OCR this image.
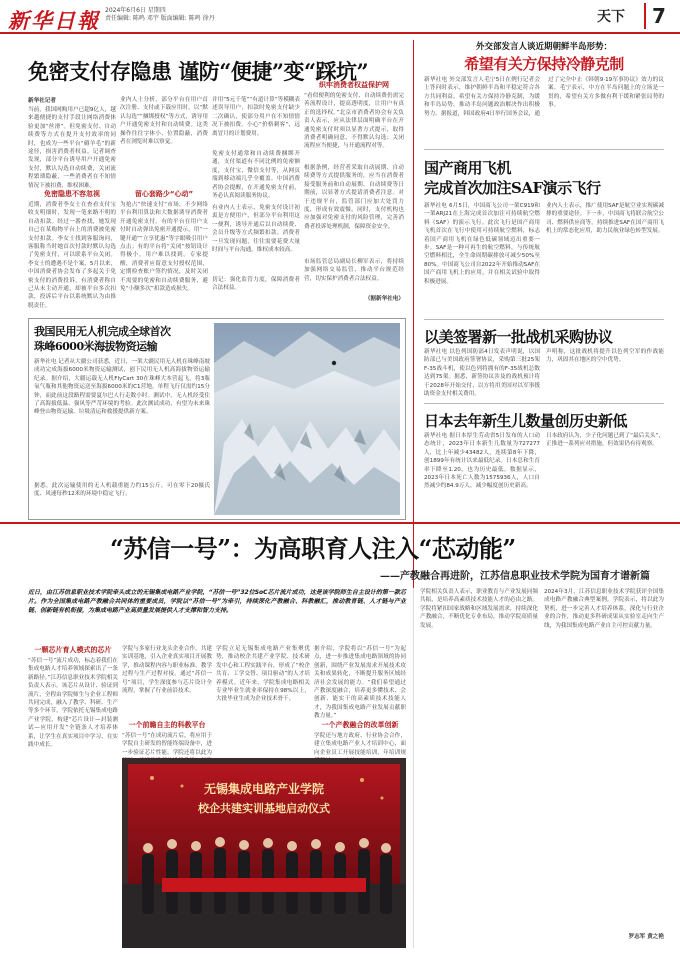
新华日報 2024年6月6日 星期四
责任编辑: 陈鸣 邓宇 版面编辑: 陈鸣 徐丹	天下	7
免密支付存隐患 谨防“便捷”变“踩坑”
新华社记者
当前，我国网购用户已超9亿人，越来越便捷的支付手段让网络消费体验更加“丝滑”。但免密支付、自动续费等方式在提升支付效率的同时，也成为一些平台“薅羊毛”的新途径，损害消费者权益。记者调查发现，部分平台诱导用户开通免密支付，默认勾选自动续费，关闭流程繁琐隐蔽，一些消费者在不知情情况下被扣费，维权困难。
免密隐患不容忽视
近期，消费者李女士在查看支付宝收支明细时，发现一笔来路不明的自动扣款。经过一番查找，她发现自己在某购物平台上的消费被免密支付扣款。李女士找到客服询问，客服称当时她首次付款时默认勾选了免密支付，可以联系平台关闭。李女士的遭遇不是个案，5月以来，中国消费者协会发布了多起关于免密支付的消费投诉，有消费者称自己从未主动开通，却被平台多次扣款，投诉后平台以系统默认为由推脱责任。
业内人士分析，部分平台在用户首次注册、支付或下载应用时，以“默认勾选”“捆绑授权”等方式，诱导用户开通免密支付和自动续费。这类操作往往字体小、位置隐蔽，消费者在浏览时难以察觉。
留心套路少“心动”
为抢占“快速支付”市场，不少网络平台利用算法和大数据诱导消费者开通免密支付。有的平台在用户支付时自动弹出免密开通提示，用“一键开通”“立享优惠”等字眼吸引用户点击；有的平台将“关闭”按钮设计得极小，用户难以找到。专家提醒，消费者应留意支付授权范围，定期检查账户签约情况，及时关闭不需要的免密和自动续费服务，避免“小额多次”扣款造成损失。
并用“5元千笔”“有道计算”等模糊表述误导用户，扣款时免密支付缺少二次确认，使部分用户在不知情情况下被扣费。小心“价格刺客”，远离冒月的计划费用。
免密支付通常和自动续费捆绑开通，支付渠道有不同比例的免密额度，支付宝、微信支付等，从网页端到移动端几乎全覆盖。中国消费者协会提醒，在开通免密支付前，务必认真阅读服务协议。
有业内人士表示，免密支付设计初衷是方便用户，但部分平台利用这一便利，诱导开通后以自动续费、会员升级等方式频繁扣款。消费者一旦发现问题，往往需要花费大量时间与平台沟通，维权成本较高。
切记：强化监管力度，保障消费者合法权益。
织牢消费者权益保护网
“看似便利的免密支付、自动续费仍需完善流程设计，提高透明度，让用户有真正的选择权。”北京市消费者协会有关负责人表示，应从法律层面明确平台在开通免密支付时须以显著方式提示，取得消费者明确同意，不得默认勾选；关闭流程应当便捷，与开通流程对等。
根据条例，经营者采取自动展期、自动续费等方式提供服务的，应当在消费者接受服务前和自动展期、自动续费等日期前，以显著方式提请消费者注意。对于违规平台，监管部门应加大处罚力度，形成有效震慑。同时，支付机构也应加强对免密支付的风险管理，完善消费者投诉处理机制，保障资金安全。
市场监管总局副局长柳军表示，将持续加强网络交易监管，推动平台规范经营，切实保护消费者合法权益。
（据新华社电）
外交部发言人谈近期朝鲜半岛形势：
希望有关方保持冷静克制
新华社电 外交部发言人毛宁5日在例行记者会上答问时表示，维护朝鲜半岛和平稳定符合各方共同利益。希望有关方保持冷静克制，为缓和半岛局势、推动半岛问题政治解决作出积极努力。据报道，韩国政府4日举行国务会议，通过了完全中止《韩朝9·19军事协议》效力的议案。毛宁表示，中方在半岛问题上的立场是一贯的，希望有关方多做有利于缓和紧张局势的事。
国产商用飞机
完成首次加注SAF演示飞行
新华社电 6月5日，中国商飞公司一架C919和一架ARJ21在上海完成首次加注可持续航空燃料（SAF）的演示飞行。此次飞行是国产商用飞机首次在飞行中使用可持续航空燃料，标志着国产商用飞机在绿色低碳领域迈出重要一步。SAF是一种可再生的航空燃料，与传统航空燃料相比，全生命周期碳排放可减少50%至80%。中国商飞公司自2022年开始推动SAF在国产商用飞机上的应用，并在相关试验中取得积极进展。
业内人士表示，推广使用SAF是航空业实现碳减排的重要途径。下一步，中国商飞将联合航空公司、燃料供应商等，持续推进SAF在国产商用飞机上的常态化应用，助力民航业绿色转型发展。
以美签署新一批战机采购协议
新华社电 以色列国防部4日发表声明说，以国防部已与美国政府签署协议，采购第三批25架F-35战斗机，使以色列将拥有的F-35战机总数达到75架。据悉，新签协议涉及的战机预计将于2028年开始交付，以方将用美国对以军事援助资金支付相关费用。
声明称，这批战机将提升以色列空军的作战能力，巩固其在地区的空中优势。
日本去年新生儿数量创历史新低
新华社电 据日本厚生劳动省5日发布的人口动态统计，2023年日本新生儿数量为727277人，比上年减少43482人，连续第8年下降，创1899年有统计以来最低纪录。日本总和生育率下降至1.20，也为历史最低。数据显示，2023年日本死亡人数为1575936人，人口自然减少约84.9万人，减少幅度创历史新高。
日本政府认为，少子化问题已到了“最后关头”，正推进一系列应对措施，但效果仍有待观察。
我国民用无人机完成全球首次
珠峰6000米海拔物资运输
新华社电 记者从大疆公司获悉，近日，一架大疆民用无人机在珠峰南坡成功完成海拔6000米物资运输测试，创下民用无人机高海拔物资运输纪录。据介绍，大疆运载无人机FlyCart 30在珠峰大本营起飞，将3瓶氧气瓶和其他物资运送至海拔6000米的C1营地，单程飞行仅需约15分钟，而此前这段路程需要夏尔巴人行走数小时。测试中，无人机经受住了高海拔低温、强风等严苛环境的考验。此次测试成功，有望为未来珠峰登山物资运输、垃圾清运和救援提供新方案。
据悉，此次运输使用的无人机载重能力约15公斤，可在零下20摄氏度、风速每秒12米的环境中稳定飞行。
“苏信一号”：为高职育人注入“芯动能”
——产教融合再进阶，江苏信息职业技术学院为国育才谱新篇
近日，由江苏信息职业技术学院牵头成立的无锡集成电路产业学院，“苏信一号”32位SoC芯片流片成功，这是该学院师生自主设计的第一款芯片。作为全国集成电路产教融合共同体的重要成员，学院以“苏信一号”为牵引，持续深化产教融合、科教融汇，推动教育链、人才链与产业链、创新链有机衔接，为集成电路产业高质量发展提供人才支撑和智力支持。
一颗芯片育人模式的芯片
“苏信一号”流片成功，标志着我们在集成电路人才培养领域探索出了一条新路径。”江苏信息职业技术学院相关负责人表示。该芯片从设计、验证到流片，全程由学院师生与企业工程师共同完成，融入了教学、科研、生产等多个环节。学院依托无锡集成电路产业学院，构建“芯片设计—封装测试—应用开发”全链条人才培养体系，让学生在真实项目中学习、在实践中成长。
学院与多家行业龙头企业合作，共建实训基地，引入企业真实项目开展教学，推动课程内容与职业标准、教学过程与生产过程对接。通过“苏信一号”项目，学生深度参与芯片设计全流程，掌握了行业前沿技术。
一个前瞻自主的科教平台
“苏信一号”在成功流片后，将应用于学院自主研发的智能终端设备中，进一步验证芯片性能。学院还将以此为
学院立足无锡集成电路产业集聚优势，推动校企共建产业学院、技术研发中心和工程实践平台，形成了“校企共育、工学交替、项目驱动”的人才培养模式。近年来，学院集成电路相关专业毕业生就业率保持在98%以上，大批毕业生成为企业技术骨干。
据介绍，学院将以“苏信一号”为起点，进一步推进集成电路领域的协同创新，围绕产业发展需求开展技术攻关和成果转化，不断提升服务区域经济社会发展的能力。“我们希望通过产教深度融合，培养更多懂技术、会创新、能实干的高素质技术技能人才，为我国集成电路产业发展贡献职教力量。”
一个产教融合的改革创新
学院还与地方政府、行业协会合作，建立集成电路产业人才培训中心，面向企业员工开展技能培训，年培训规
无锡集成电路产业学院
校企共建实训基地启动仪式
学院相关负责人表示，职业教育与产业发展同频共振，是培养高素质技术技能人才的必由之路。学院将紧扣国家战略和区域发展需求，持续深化产教融合，不断优化专业布局，推动学院高质量发展。
2024年3月，江苏信息职业技术学院获评全国集成电路产教融合典型案例。学院表示，将以此为契机，进一步完善人才培养体系，深化与行业企业的合作，推动更多科研成果从实验室走向生产线，为我国集成电路产业自主可控贡献力量。
罗志军 黄之艳
